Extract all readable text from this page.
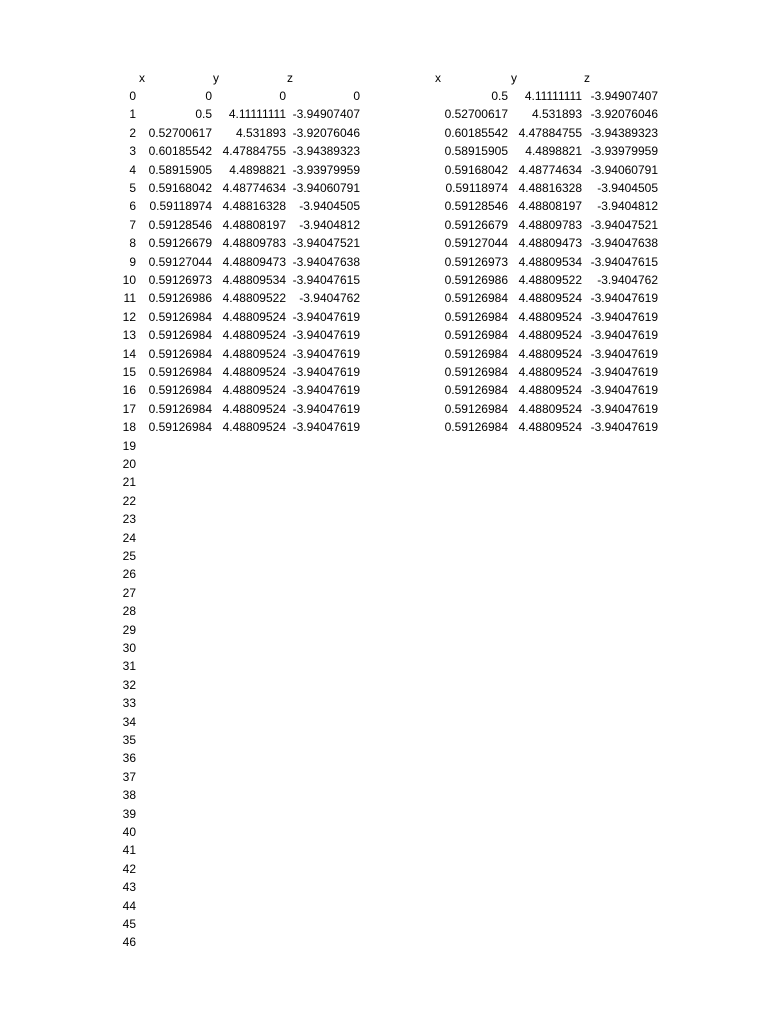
x	y	z	x	y	z
0	0	0	0	0.5	4.11111111 -3.94907407
1	0.5	4.11111111 -3.94907407	0.52700617	4.531893 -3.92076046
2	0.52700617	4.531893 -3.92076046	0.60185542 4.47884755 -3.94389323
3	0.60185542 4.47884755 -3.94389323	0.58915905	4.4898821 -3.93979959
4	0.58915905	4.4898821 -3.93979959	0.59168042 4.48774634 -3.94060791
5	0.59168042 4.48774634 -3.94060791	0.59118974 4.48816328	-3.9404505
6	0.59118974 4.48816328	-3.9404505	0.59128546 4.48808197	-3.9404812
7	0.59128546 4.48808197	-3.9404812	0.59126679 4.48809783 -3.94047521
8	0.59126679 4.48809783 -3.94047521	0.59127044 4.48809473 -3.94047638
9	0.59127044 4.48809473 -3.94047638	0.59126973 4.48809534 -3.94047615
10	0.59126973 4.48809534 -3.94047615	0.59126986 4.48809522	-3.9404762
11	0.59126986 4.48809522	-3.9404762	0.59126984 4.48809524 -3.94047619
12	0.59126984 4.48809524 -3.94047619	0.59126984 4.48809524 -3.94047619
13	0.59126984 4.48809524 -3.94047619	0.59126984 4.48809524 -3.94047619
14	0.59126984 4.48809524 -3.94047619	0.59126984 4.48809524 -3.94047619
15	0.59126984 4.48809524 -3.94047619	0.59126984 4.48809524 -3.94047619
16	0.59126984 4.48809524 -3.94047619	0.59126984 4.48809524 -3.94047619
17	0.59126984 4.48809524 -3.94047619	0.59126984 4.48809524 -3.94047619
18	0.59126984 4.48809524 -3.94047619	0.59126984 4.48809524 -3.94047619
19
20
21
22
23
24
25
26
27
28
29
30
31
32
33
34
35
36
37
38
39
40
41
42
43
44
45
46
